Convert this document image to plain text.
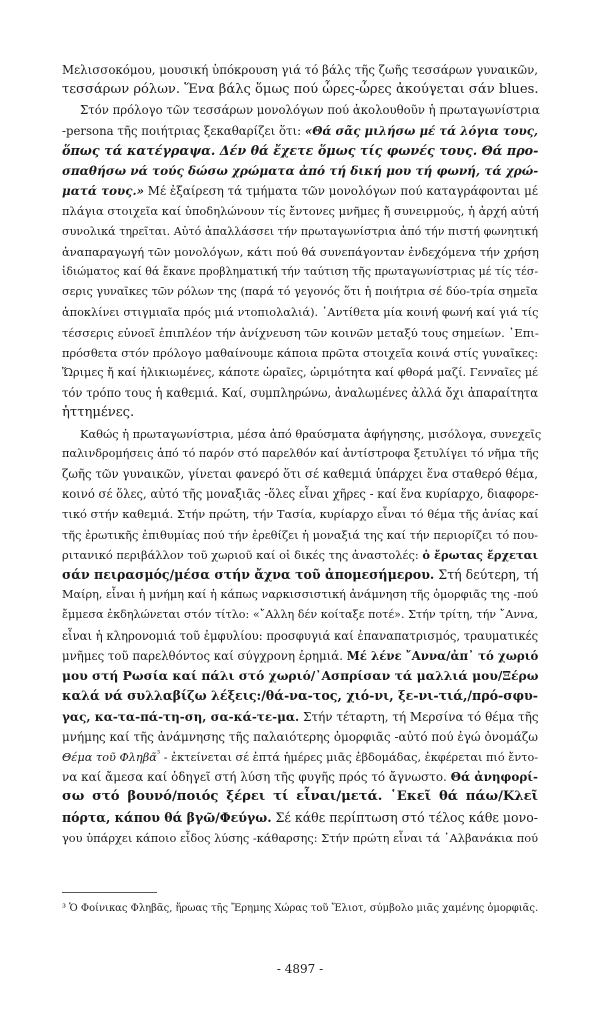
Μελισσοκόμου, μουσική ὑπόκρουση γιά τό βάλς τῆς ζωῆς τεσσάρων γυναικῶν,
τεσσάρων ρόλων. Ἕνα βάλς ὅμως πού ὧρες-ὧρες ἀκούγεται σάν blues.
Στόν πρόλογο τῶν τεσσάρων μονολόγων πού ἀκολουθοῦν ἡ πρωταγωνίστρια
-persona τῆς ποιήτριας ξεκαθαρίζει ὅτι: «Θά σᾶς μιλήσω μέ τά λόγια τους,
ὅπως τά κατέγραψα. Δέν θά ἔχετε ὅμως τίς φωνές τους. Θά προ-
σπαθήσω νά τούς δώσω χρώματα ἀπό τή δική μου τή φωνή, τά χρώ-
ματά τους.» Μέ ἐξαίρεση τά τμήματα τῶν μονολόγων πού καταγράφονται μέ
πλάγια στοιχεῖα καί ὑποδηλώνουν τίς ἔντονες μνῆμες ἤ συνειρμούς, ἡ ἀρχή αὐτή
συνολικά τηρεῖται. Αὐτό ἀπαλλάσσει τήν πρωταγωνίστρια ἀπό τήν πιστή φωνητική
ἀναπαραγωγή τῶν μονολόγων, κάτι πού θά συνεπάγονταν ἐνδεχόμενα τήν χρήση
ἰδιώματος καί θά ἔκανε προβληματική τήν ταύτιση τῆς πρωταγωνίστριας μέ τίς τέσ-
σερις γυναῖκες τῶν ρόλων της (παρά τό γεγονός ὅτι ἡ ποιήτρια σέ δύο-τρία σημεῖα
ἀποκλίνει στιγμιαῖα πρός μιά ντοπιολαλιά). ᾿Αντίθετα μία κοινή φωνή καί γιά τίς
τέσσερις εὐνοεῖ ἐπιπλέον τήν ἀνίχνευση τῶν κοινῶν μεταξύ τους σημείων. ᾿Επι-
πρόσθετα στόν πρόλογο μαθαίνουμε κάποια πρῶτα στοιχεῖα κοινά στίς γυναῖκες:
Ὥριμες ἤ καί ἡλικιωμένες, κάποτε ὡραῖες, ὡριμότητα καί φθορά μαζί. Γενναῖες μέ
τόν τρόπο τους ἡ καθεμιά. Καί, συμπληρώνω, ἀναλωμένες ἀλλά ὄχι ἀπαραίτητα
ἡττημένες.
Καθώς ἡ πρωταγωνίστρια, μέσα ἀπό θραύσματα ἀφήγησης, μισόλογα, συνεχεῖς
παλινδρομήσεις ἀπό τό παρόν στό παρελθόν καί ἀντίστροφα ξετυλίγει τό νῆμα τῆς
ζωῆς τῶν γυναικῶν, γίνεται φανερό ὅτι σέ καθεμιά ὑπάρχει ἕνα σταθερό θέμα,
κοινό σέ ὅλες, αὐτό τῆς μοναξιᾶς -ὅλες εἶναι χῆρες - καί ἕνα κυρίαρχο, διαφορε-
τικό στήν καθεμιά. Στήν πρώτη, τήν Τασία, κυρίαρχο εἶναι τό θέμα τῆς ἀνίας καί
τῆς ἐρωτικῆς ἐπιθυμίας πού τήν ἐρεθίζει ἡ μοναξιά της καί τήν περιορίζει τό που-
ριτανικό περιβάλλον τοῦ χωριοῦ καί οἱ δικές της ἀναστολές: ὁ ἔρωτας ἔρχεται
σάν πειρασμός/μέσα στήν ἄχνα τοῦ ἀπομεσήμερου. Στή δεύτερη, τή
Μαίρη, εἶναι ἡ μνήμη καί ἡ κάπως ναρκισσιστική ἀνάμνηση τῆς ὀμορφιᾶς της -πού
ἔμμεσα ἐκδηλώνεται στόν τίτλο: «῎Αλλη δέν κοίταξε ποτέ». Στήν τρίτη, τήν ῎Αννα,
εἶναι ἡ κληρονομιά τοῦ ἐμφυλίου: προσφυγιά καί ἐπαναπατρισμός, τραυματικές
μνῆμες τοῦ παρελθόντος καί σύγχρονη ἐρημιά. Μέ λένε ῎Αννα/ἀπ᾽ τό χωριό
μου στή Ρωσία καί πάλι στό χωριό/᾿Ασπρίσαν τά μαλλιά μου/Ξέρω
καλά νά συλλαβίζω λέξεις:/θά-να-τος, χιό-νι, ξε-νι-τιά,/πρό-σφυ-
γας, κα-τα-πά-τη-ση, σα-κά-τε-μα. Στήν τέταρτη, τή Μερσίνα τό θέμα τῆς
μνήμης καί τῆς ἀνάμνησης τῆς παλαιότερης ὀμορφιᾶς -αὐτό πού ἐγώ ὀνομάζω
Θέμα τοῦ Φληβᾶ$^{^3}$ - ἐκτείνεται σέ ἑπτά ἡμέρες μιᾶς ἑβδομάδας, ἐκφέρεται πιό ἔντο-
να καί ἄμεσα καί ὁδηγεῖ στή λύση τῆς φυγῆς πρός τό ἄγνωστο. Θά ἀνηφορί-
σω στό βουνό/ποιός ξέρει τί εἶναι/μετά. ῾Εκεῖ θά πάω/Κλεῖ
πόρτα, κάπου θά βγῶ/Φεύγω. Σέ κάθε περίπτωση στό τέλος κάθε μονο-
γου ὑπάρχει κάποιο εἶδος λύσης -κάθαρσης: Στήν πρώτη εἶναι τά ᾿Αλβανάκια πού
³ Ὁ Φοίνικας Φληβᾶς, ἥρωας τῆς Ἔρημης Χώρας τοῦ Ἔλιοτ, σύμβολο μιᾶς χαμένης ὀμορφιᾶς.
- 4897 -
